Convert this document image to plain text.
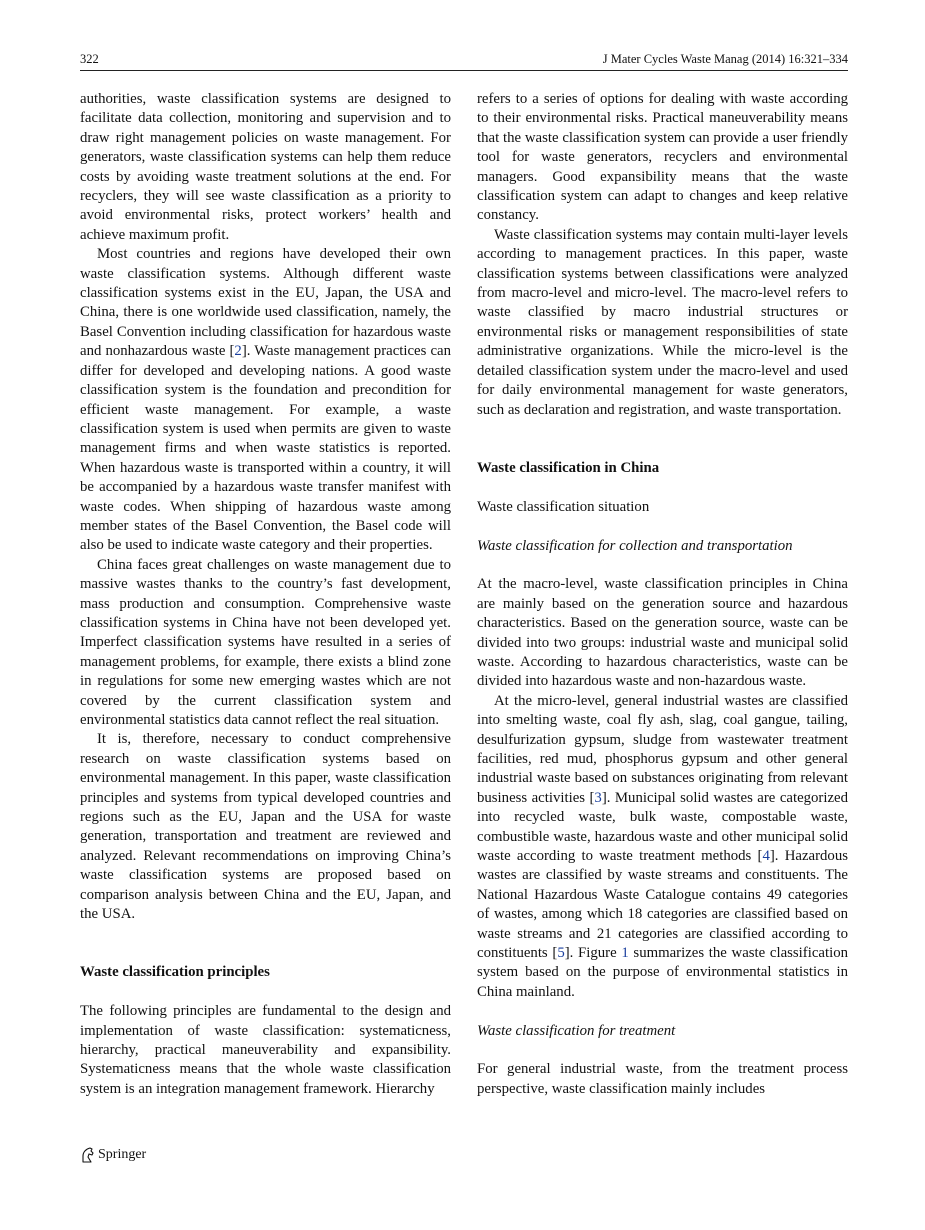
322	J Mater Cycles Waste Manag (2014) 16:321–334

authorities, waste classification systems are designed to facilitate data collection, monitoring and supervision and to draw right management policies on waste management. For generators, waste classification systems can help them reduce costs by avoiding waste treatment solutions at the end. For recyclers, they will see waste classification as a priority to avoid environmental risks, protect workers’ health and achieve maximum profit.

Most countries and regions have developed their own waste classification systems. Although different waste classification systems exist in the EU, Japan, the USA and China, there is one worldwide used classification, namely, the Basel Convention including classification for hazardous waste and nonhazardous waste [2]. Waste management practices can differ for developed and developing nations. A good waste classification system is the foundation and precondition for efficient waste management. For example, a waste classification system is used when permits are given to waste management firms and when waste statistics is reported. When hazardous waste is transported within a country, it will be accompanied by a hazardous waste transfer manifest with waste codes. When shipping of hazardous waste among member states of the Basel Convention, the Basel code will also be used to indicate waste category and their properties.

China faces great challenges on waste management due to massive wastes thanks to the country’s fast development, mass production and consumption. Comprehensive waste classification systems in China have not been developed yet. Imperfect classification systems have resulted in a series of management problems, for example, there exists a blind zone in regulations for some new emerging wastes which are not covered by the current classification system and environmental statistics data cannot reflect the real situation.

It is, therefore, necessary to conduct comprehensive research on waste classification systems based on environmental management. In this paper, waste classification principles and systems from typical developed countries and regions such as the EU, Japan and the USA for waste generation, transportation and treatment are reviewed and analyzed. Relevant recommendations on improving China’s waste classification systems are proposed based on comparison analysis between China and the EU, Japan, and the USA.

Waste classification principles

The following principles are fundamental to the design and implementation of waste classification: systematicness, hierarchy, practical maneuverability and expansibility. Systematicness means that the whole waste classification system is an integration management framework. Hierarchy

refers to a series of options for dealing with waste according to their environmental risks. Practical maneuverability means that the waste classification system can provide a user friendly tool for waste generators, recyclers and environmental managers. Good expansibility means that the waste classification system can adapt to changes and keep relative constancy.

Waste classification systems may contain multi-layer levels according to management practices. In this paper, waste classification systems between classifications were analyzed from macro-level and micro-level. The macro-level refers to waste classified by macro industrial structures or environmental risks or management responsibilities of state administrative organizations. While the micro-level is the detailed classification system under the macro-level and used for daily environmental management for waste generators, such as declaration and registration, and waste transportation.

Waste classification in China
Waste classification situation
Waste classification for collection and transportation

At the macro-level, waste classification principles in China are mainly based on the generation source and hazardous characteristics. Based on the generation source, waste can be divided into two groups: industrial waste and municipal solid waste. According to hazardous characteristics, waste can be divided into hazardous waste and non-hazardous waste.

At the micro-level, general industrial wastes are classified into smelting waste, coal fly ash, slag, coal gangue, tailing, desulfurization gypsum, sludge from wastewater treatment facilities, red mud, phosphorus gypsum and other general industrial waste based on substances originating from relevant business activities [3]. Municipal solid wastes are categorized into recycled waste, bulk waste, compostable waste, combustible waste, hazardous waste and other municipal solid waste according to waste treatment methods [4]. Hazardous wastes are classified by waste streams and constituents. The National Hazardous Waste Catalogue contains 49 categories of wastes, among which 18 categories are classified based on waste streams and 21 categories are classified according to constituents [5]. Figure 1 summarizes the waste classification system based on the purpose of environmental statistics in China mainland.

Waste classification for treatment

For general industrial waste, from the treatment process perspective, waste classification mainly includes

Springer
